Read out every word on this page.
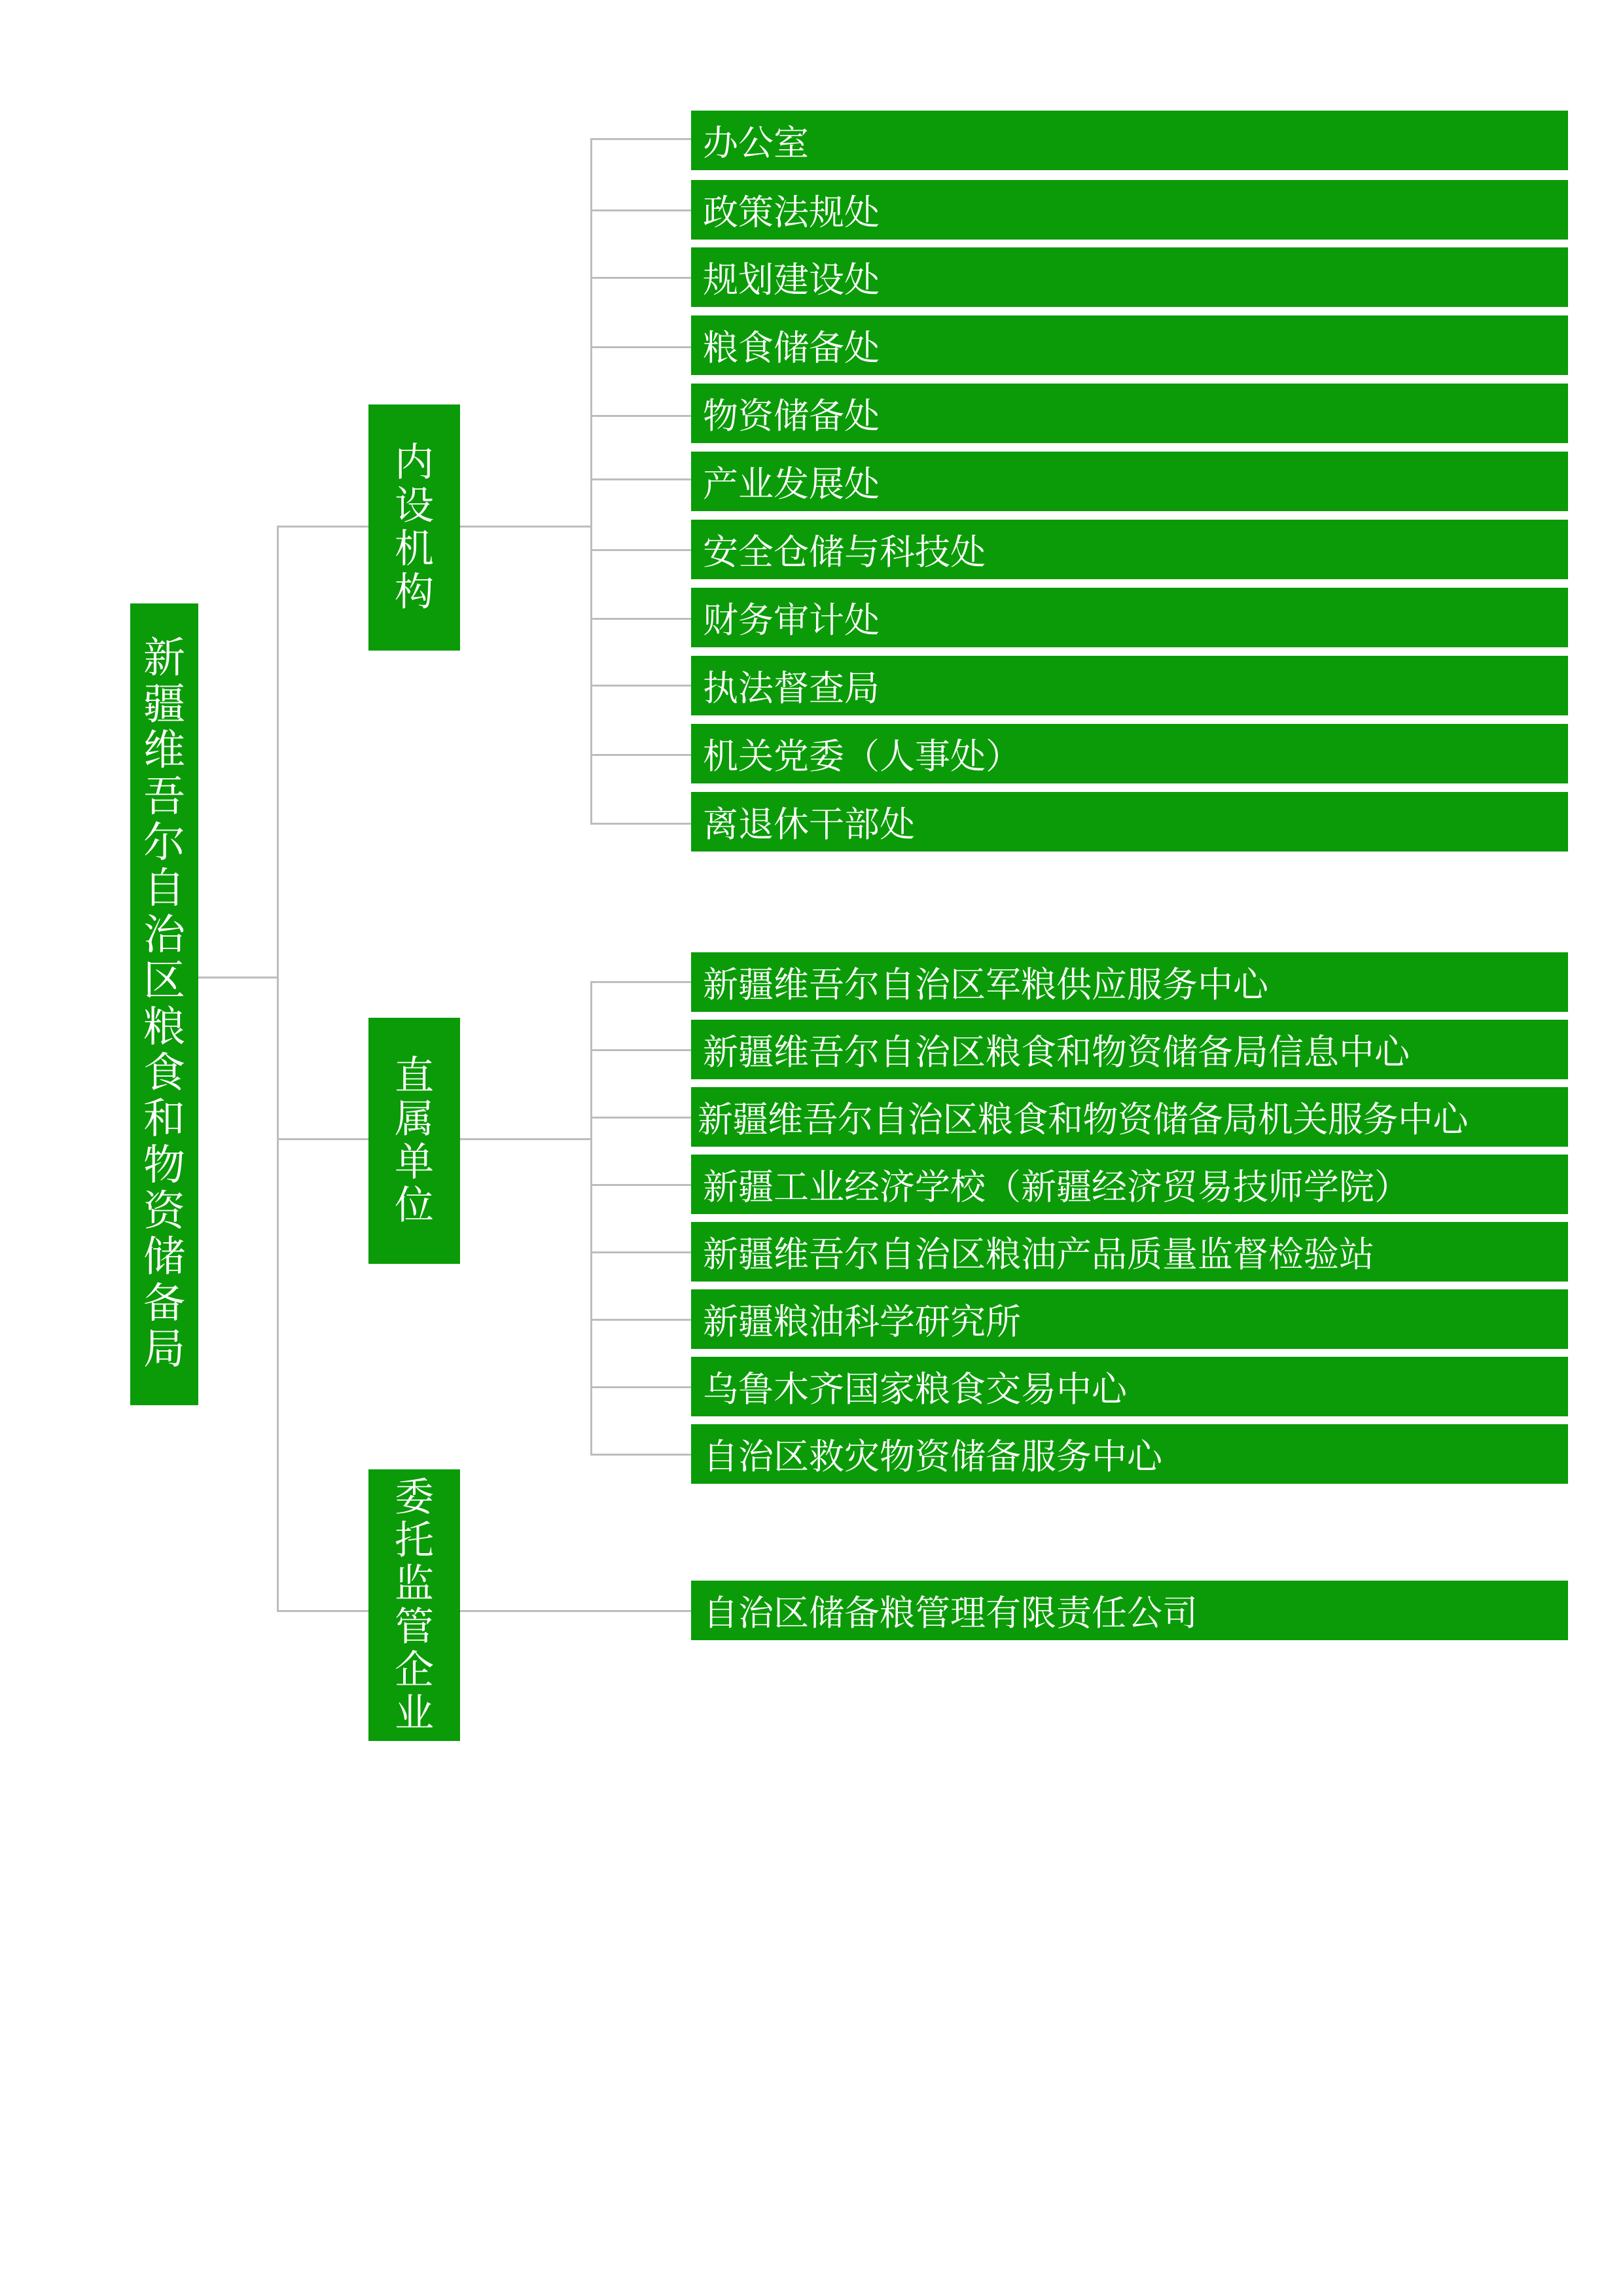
新疆维吾尔自治区粮食和物资储备局
内设机构
直属单位
委托监管企业
办公室
政策法规处
规划建设处
粮食储备处
物资储备处
产业发展处
安全仓储与科技处
财务审计处
执法督查局
机关党委（人事处）
离退休干部处
新疆维吾尔自治区军粮供应服务中心
新疆维吾尔自治区粮食和物资储备局信息中心
新疆维吾尔自治区粮食和物资储备局机关服务中心
新疆工业经济学校（新疆经济贸易技师学院）
新疆维吾尔自治区粮油产品质量监督检验站
新疆粮油科学研究所
乌鲁木齐国家粮食交易中心
自治区救灾物资储备服务中心
自治区储备粮管理有限责任公司
